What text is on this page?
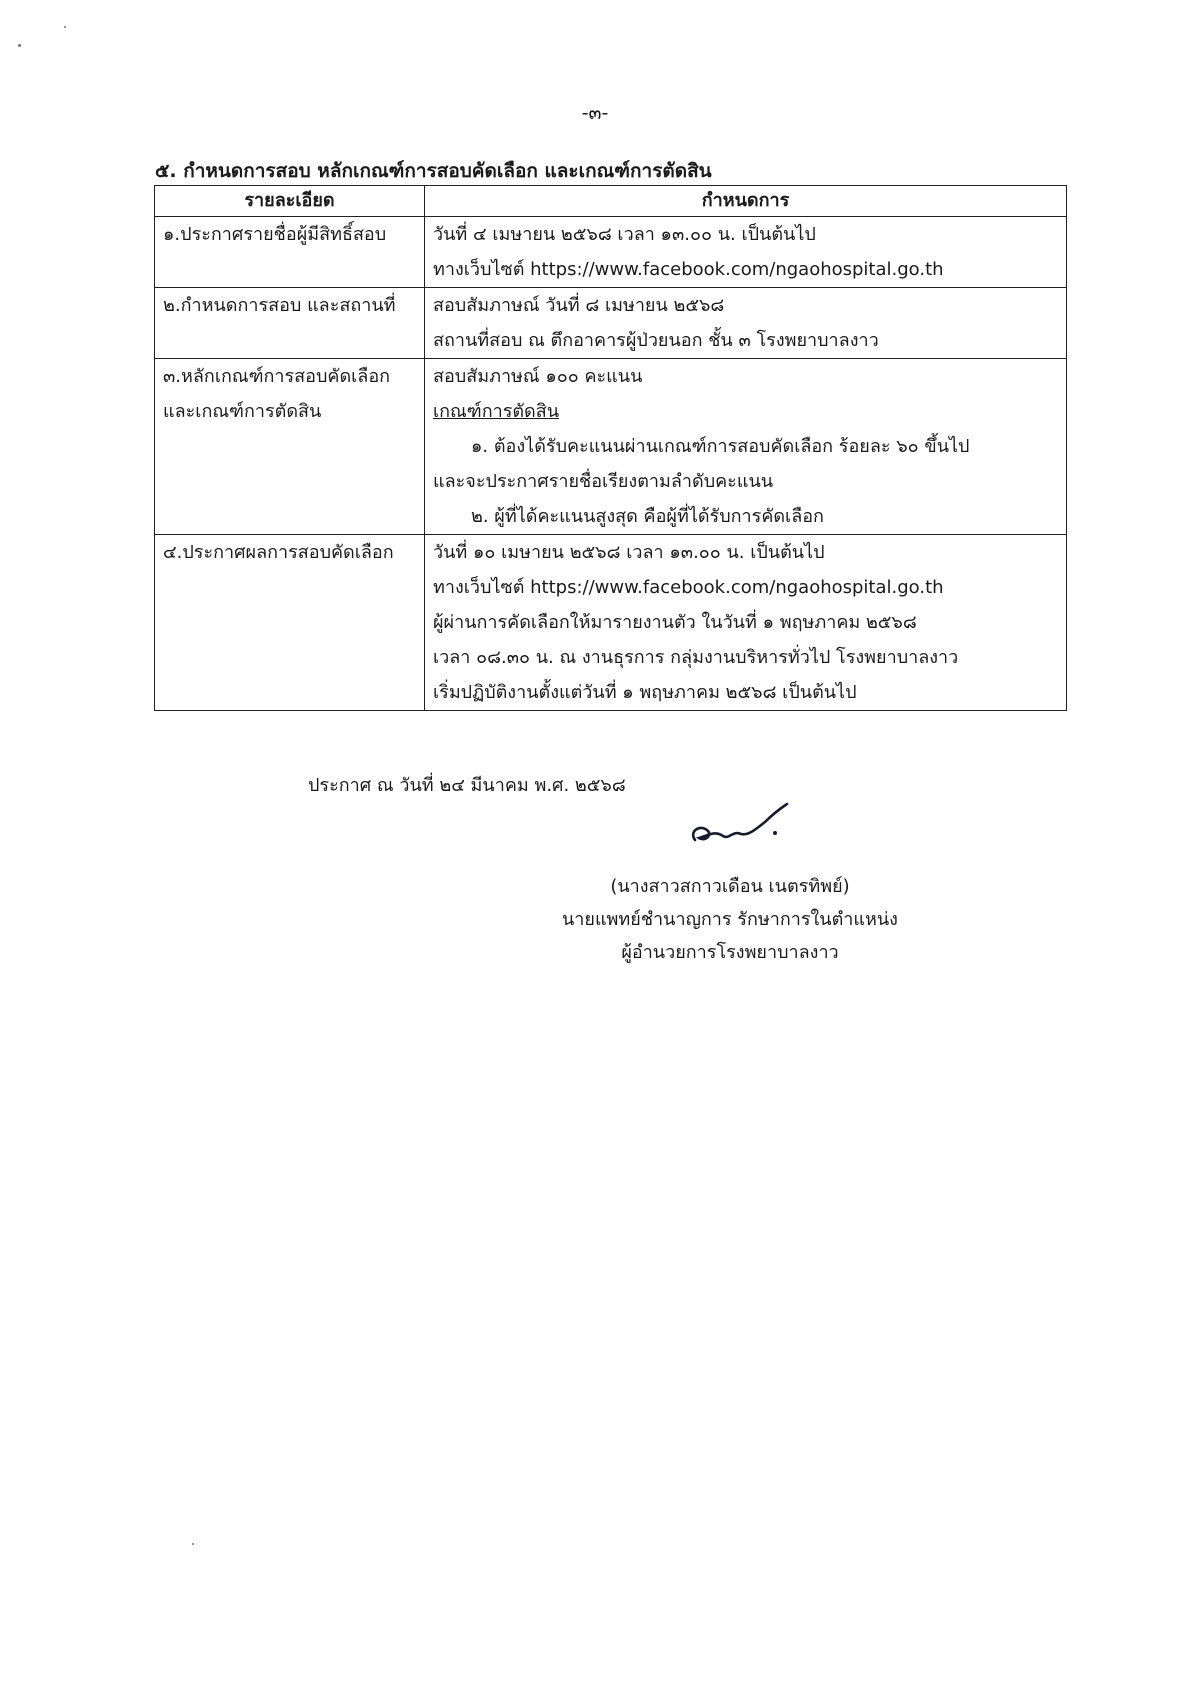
-๓-
๕. กำหนดการสอบ หลักเกณฑ์การสอบคัดเลือก และเกณฑ์การตัดสิน
รายละเอียด	กำหนดการ

๑.ประกาศรายชื่อผู้มีสิทธิ์สอบ	วันที่ ๔ เมษายน ๒๕๖๘ เวลา ๑๓.๐๐ น. เป็นต้นไป
ทางเว็บไซต์ https://www.facebook.com/ngaohospital.go.th

๒.กำหนดการสอบ และสถานที่	สอบสัมภาษณ์ วันที่ ๘ เมษายน ๒๕๖๘
สถานที่สอบ ณ ตึกอาคารผู้ป่วยนอก ชั้น ๓ โรงพยาบาลงาว

๓.หลักเกณฑ์การสอบคัดเลือก
และเกณฑ์การตัดสิน	สอบสัมภาษณ์ ๑๐๐ คะแนน
เกณฑ์การตัดสิน
๑. ต้องได้รับคะแนนผ่านเกณฑ์การสอบคัดเลือก ร้อยละ ๖๐ ขึ้นไป
และจะประกาศรายชื่อเรียงตามลำดับคะแนน
๒. ผู้ที่ได้คะแนนสูงสุด คือผู้ที่ได้รับการคัดเลือก

๔.ประกาศผลการสอบคัดเลือก	วันที่ ๑๐ เมษายน ๒๕๖๘ เวลา ๑๓.๐๐ น. เป็นต้นไป
ทางเว็บไซต์ https://www.facebook.com/ngaohospital.go.th
ผู้ผ่านการคัดเลือกให้มารายงานตัว ในวันที่ ๑ พฤษภาคม ๒๕๖๘
เวลา ๐๘.๓๐ น. ณ งานธุรการ กลุ่มงานบริหารทั่วไป โรงพยาบาลงาว
เริ่มปฏิบัติงานตั้งแต่วันที่ ๑ พฤษภาคม ๒๕๖๘ เป็นต้นไป
ประกาศ ณ วันที่ ๒๔ มีนาคม พ.ศ. ๒๕๖๘
(นางสาวสกาวเดือน เนตรทิพย์)
นายแพทย์ชำนาญการ รักษาการในตำแหน่ง
ผู้อำนวยการโรงพยาบาลงาว
